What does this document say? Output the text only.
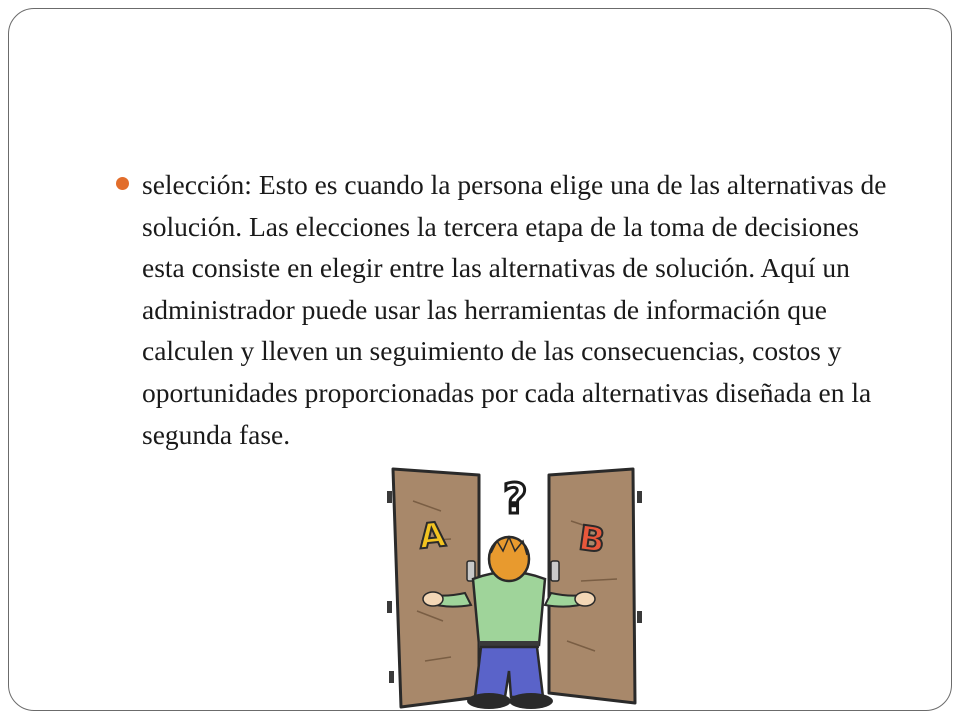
selección: Esto es cuando la persona elige una de las alternativas de solución. Las elecciones la tercera etapa de la toma de decisiones esta consiste en elegir entre las alternativas de solución. Aquí un administrador puede usar las herramientas de información que calculen y lleven un seguimiento de las consecuencias, costos y oportunidades proporcionadas por cada alternativas diseñada en la segunda fase.
A	B
?
